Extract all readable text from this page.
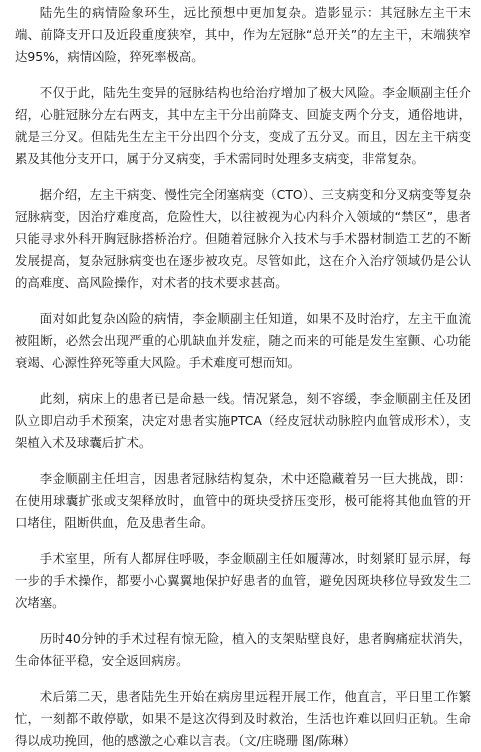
陆先生的病情险象环生，远比预想中更加复杂。造影显示：其冠脉左主干末端、前降支开口及近段重度狭窄，其中，作为左冠脉“总开关”的左主干，末端狭窄达95%，病情凶险，猝死率极高。

不仅于此，陆先生变异的冠脉结构也给治疗增加了极大风险。李金顺副主任介绍，心脏冠脉分左右两支，其中左主干分出前降支、回旋支两个分支，通俗地讲，就是三分叉。但陆先生左主干分出四个分支，变成了五分叉。而且，因左主干病变累及其他分支开口，属于分叉病变，手术需同时处理多支病变，非常复杂。

据介绍，左主干病变、慢性完全闭塞病变（CTO）、三支病变和分叉病变等复杂冠脉病变，因治疗难度高，危险性大，以往被视为心内科介入领域的“禁区”，患者只能寻求外科开胸冠脉搭桥治疗。但随着冠脉介入技术与手术器材制造工艺的不断发展提高，复杂冠脉病变也在逐步被攻克。尽管如此，这在介入治疗领域仍是公认的高难度、高风险操作，对术者的技术要求甚高。

面对如此复杂凶险的病情，李金顺副主任知道，如果不及时治疗，左主干血流被阻断，必然会出现严重的心肌缺血并发症，随之而来的可能是发生室颤、心功能衰竭、心源性猝死等重大风险。手术难度可想而知。

此刻，病床上的患者已是命悬一线。情况紧急，刻不容缓，李金顺副主任及团队立即启动手术预案，决定对患者实施PTCA（经皮冠状动脉腔内血管成形术），支架植入术及球囊后扩术。

李金顺副主任坦言，因患者冠脉结构复杂，术中还隐藏着另一巨大挑战，即：在使用球囊扩张或支架释放时，血管中的斑块受挤压变形，极可能将其他血管的开口堵住，阻断供血，危及患者生命。

手术室里，所有人都屏住呼吸，李金顺副主任如履薄冰，时刻紧盯显示屏，每一步的手术操作，都要小心翼翼地保护好患者的血管，避免因斑块移位导致发生二次堵塞。

历时40分钟的手术过程有惊无险，植入的支架贴壁良好，患者胸痛症状消失，生命体征平稳，安全返回病房。

术后第二天，患者陆先生开始在病房里远程开展工作，他直言，平日里工作繁忙，一刻都不敢停歇，如果不是这次得到及时救治，生活也许难以回归正轨。生命得以成功挽回，他的感激之心难以言表。（文/庄晓珊 图/陈琳）
